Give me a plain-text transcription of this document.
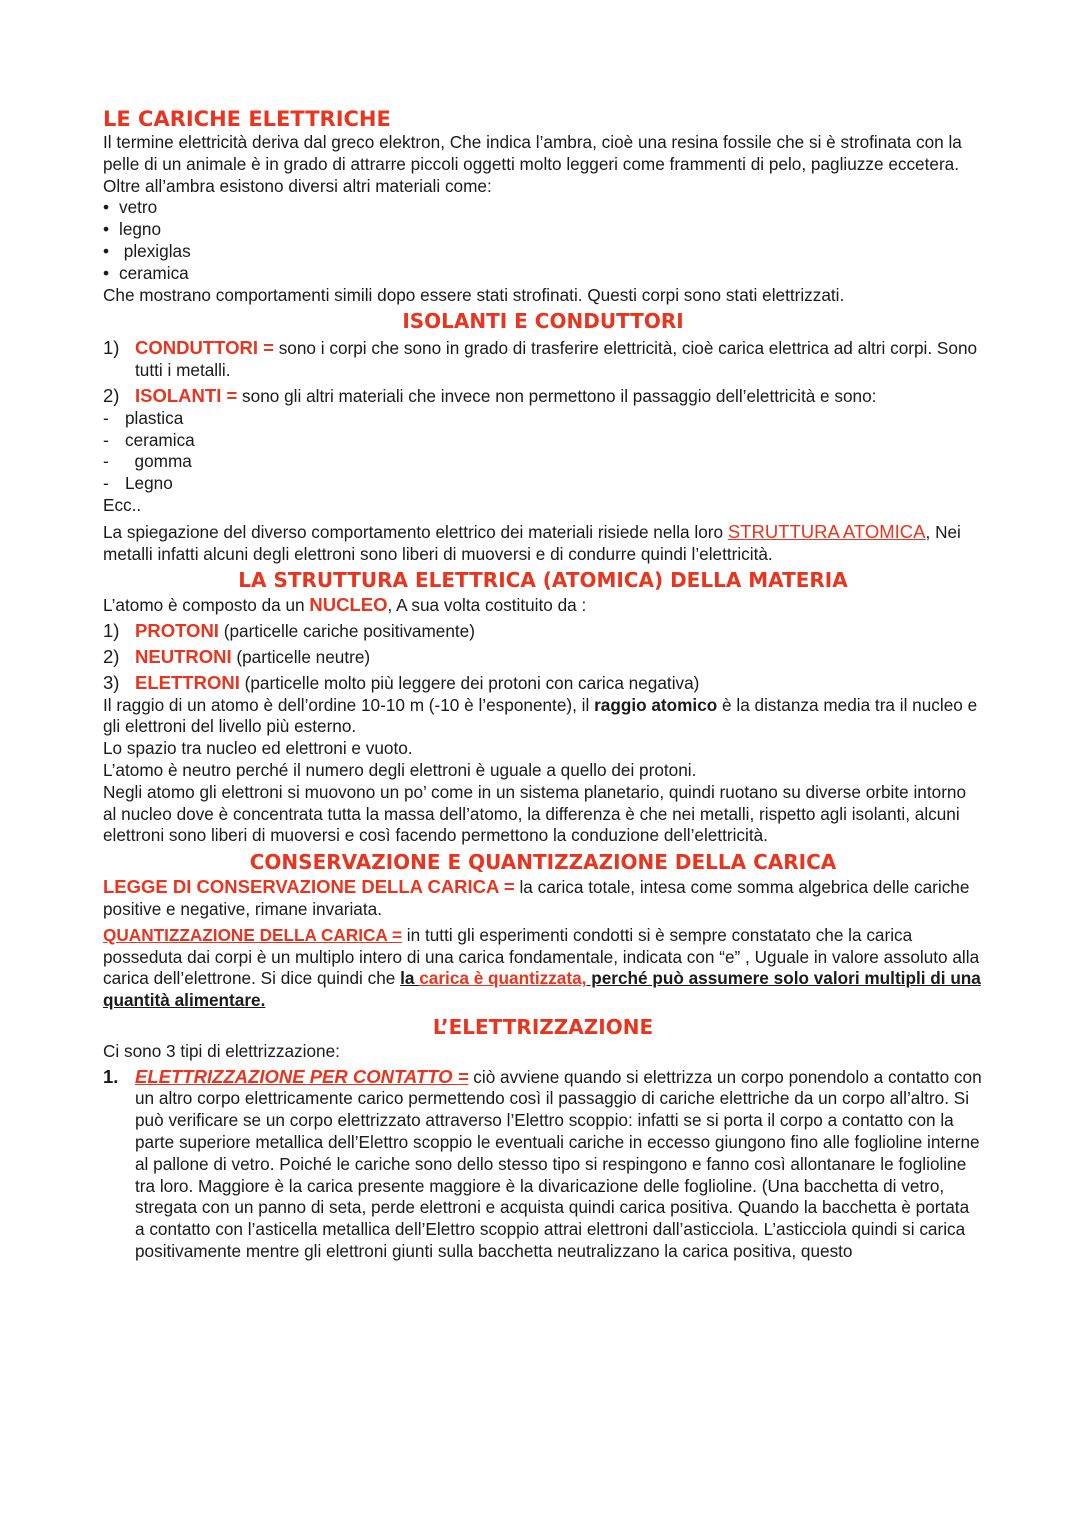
LE CARICHE ELETTRICHE

Il termine elettricità deriva dal greco elektron, Che indica l’ambra, cioè una resina fossile che si è strofinata con la pelle di un animale è in grado di attrarre piccoli oggetti molto leggeri come frammenti di pelo, pagliuzze eccetera. Oltre all’ambra esistono diversi altri materiali come:

• vetro
• legno
• plexiglas
• ceramica

Che mostrano comportamenti simili dopo essere stati strofinati. Questi corpi sono stati elettrizzati.

ISOLANTI E CONDUTTORI
1) CONDUTTORI = sono i corpi che sono in grado di trasferire elettricità, cioè carica elettrica ad altri corpi. Sono tutti i metalli.
2) ISOLANTI = sono gli altri materiali che invece non permettono il passaggio dell’elettricità e sono:
- plastica
- ceramica
-  gomma
- Legno

Ecc..

La spiegazione del diverso comportamento elettrico dei materiali risiede nella loro STRUTTURA ATOMICA, Nei metalli infatti alcuni degli elettroni sono liberi di muoversi e di condurre quindi l’elettricità.

LA STRUTTURA ELETTRICA (ATOMICA) DELLA MATERIA

L’atomo è composto da un NUCLEO, A sua volta costituito da :

1) PROTONI (particelle cariche positivamente)
2) NEUTRONI (particelle neutre)
3) ELETTRONI (particelle molto più leggere dei protoni con carica negativa)

Il raggio di un atomo è dell’ordine 10-10 m (-10 è l’esponente), il raggio atomico è la distanza media tra il nucleo e gli elettroni del livello più esterno.

Lo spazio tra nucleo ed elettroni e vuoto.

L’atomo è neutro perché il numero degli elettroni è uguale a quello dei protoni.

Negli atomo gli elettroni si muovono un po’ come in un sistema planetario, quindi ruotano su diverse orbite intorno al nucleo dove è concentrata tutta la massa dell’atomo, la differenza è che nei metalli, rispetto agli isolanti, alcuni elettroni sono liberi di muoversi e così facendo permettono la conduzione dell’elettricità.

CONSERVAZIONE E QUANTIZZAZIONE DELLA CARICA

LEGGE DI CONSERVAZIONE DELLA CARICA = la carica totale, intesa come somma algebrica delle cariche positive e negative, rimane invariata.

QUANTIZZAZIONE DELLA CARICA = in tutti gli esperimenti condotti si è sempre constatato che la carica posseduta dai corpi è un multiplo intero di una carica fondamentale, indicata con “e” , Uguale in valore assoluto alla carica dell’elettrone. Si dice quindi che la carica è quantizzata, perché può assumere solo valori multipli di una quantità alimentare.

L’ELETTRIZZAZIONE

Ci sono 3 tipi di elettrizzazione:

1. ELETTRIZZAZIONE PER CONTATTO = ciò avviene quando si elettrizza un corpo ponendolo a contatto con un altro corpo elettricamente carico permettendo così il passaggio di cariche elettriche da un corpo all’altro. Si può verificare se un corpo elettrizzato attraverso l’Elettro scoppio: infatti se si porta il corpo a contatto con la parte superiore metallica dell’Elettro scoppio le eventuali cariche in eccesso giungono fino alle foglioline interne al pallone di vetro. Poiché le cariche sono dello stesso tipo si respingono e fanno così allontanare le foglioline tra loro. Maggiore è la carica presente maggiore è la divaricazione delle foglioline. (Una bacchetta di vetro, stregata con un panno di seta, perde elettroni e acquista quindi carica positiva. Quando la bacchetta è portata a contatto con l’asticella metallica dell’Elettro scoppio attrai elettroni dall’asticciola. L’asticciola quindi si carica positivamente mentre gli elettroni giunti sulla bacchetta neutralizzano la carica positiva, questo
